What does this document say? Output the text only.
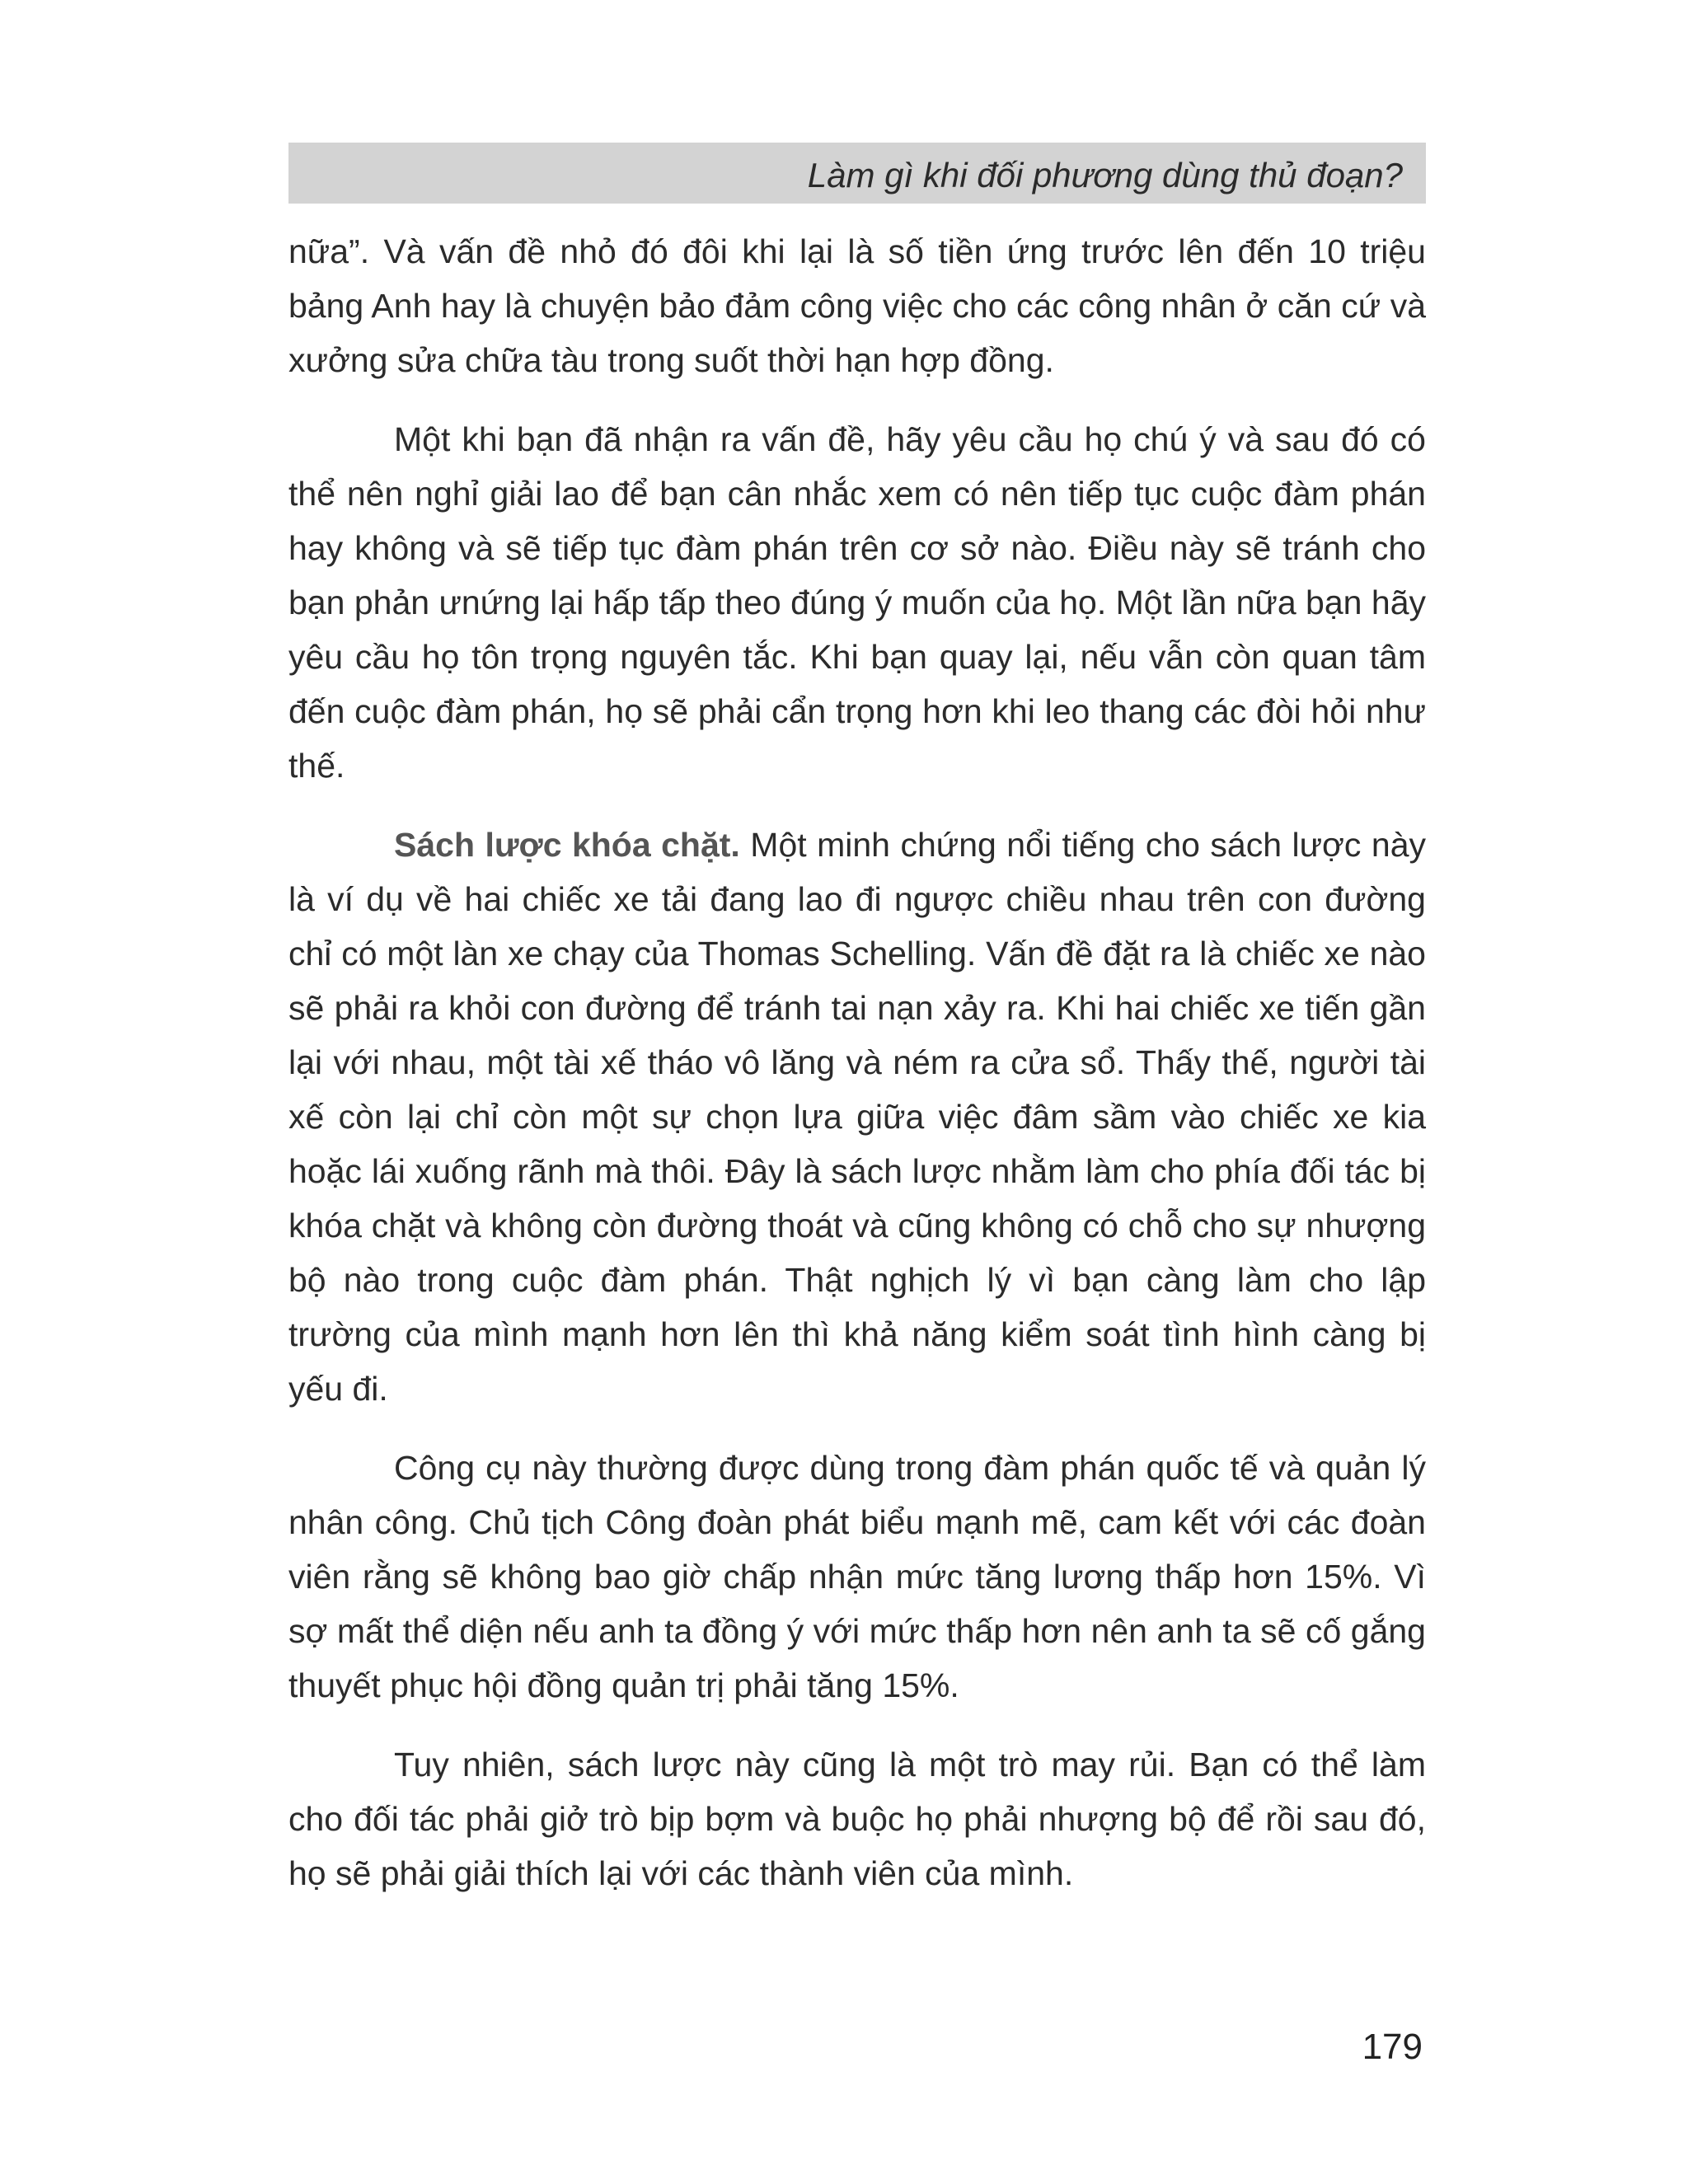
Làm gì khi đối phương dùng thủ đoạn?

nữa”. Và vấn đề nhỏ đó đôi khi lại là số tiền ứng trước lên đến 10 triệu bảng Anh hay là chuyện bảo đảm công việc cho các công nhân ở căn cứ và xưởng sửa chữa tàu trong suốt thời hạn hợp đồng.

Một khi bạn đã nhận ra vấn đề, hãy yêu cầu họ chú ý và sau đó có thể nên nghỉ giải lao để bạn cân nhắc xem có nên tiếp tục cuộc đàm phán hay không và sẽ tiếp tục đàm phán trên cơ sở nào. Điều này sẽ tránh cho bạn phản ưnứng lại hấp tấp theo đúng ý muốn của họ. Một lần nữa bạn hãy yêu cầu họ tôn trọng nguyên tắc. Khi bạn quay lại, nếu vẫn còn quan tâm đến cuộc đàm phán, họ sẽ phải cẩn trọng hơn khi leo thang các đòi hỏi như thế.

Sách lược khóa chặt. Một minh chứng nổi tiếng cho sách lược này là ví dụ về hai chiếc xe tải đang lao đi ngược chiều nhau trên con đường chỉ có một làn xe chạy của Thomas Schelling. Vấn đề đặt ra là chiếc xe nào sẽ phải ra khỏi con đường để tránh tai nạn xảy ra. Khi hai chiếc xe tiến gần lại với nhau, một tài xế tháo vô lăng và ném ra cửa sổ. Thấy thế, người tài xế còn lại chỉ còn một sự chọn lựa giữa việc đâm sầm vào chiếc xe kia hoặc lái xuống rãnh mà thôi. Đây là sách lược nhằm làm cho phía đối tác bị khóa chặt và không còn đường thoát và cũng không có chỗ cho sự nhượng bộ nào trong cuộc đàm phán. Thật nghịch lý vì bạn càng làm cho lập trường của mình mạnh hơn lên thì khả năng kiểm soát tình hình càng bị yếu đi.

Công cụ này thường được dùng trong đàm phán quốc tế và quản lý nhân công. Chủ tịch Công đoàn phát biểu mạnh mẽ, cam kết với các đoàn viên rằng sẽ không bao giờ chấp nhận mức tăng lương thấp hơn 15%. Vì sợ mất thể diện nếu anh ta đồng ý với mức thấp hơn nên anh ta sẽ cố gắng thuyết phục hội đồng quản trị phải tăng 15%.

Tuy nhiên, sách lược này cũng là một trò may rủi. Bạn có thể làm cho đối tác phải giở trò bịp bợm và buộc họ phải nhượng bộ để rồi sau đó, họ sẽ phải giải thích lại với các thành viên của mình.

179
